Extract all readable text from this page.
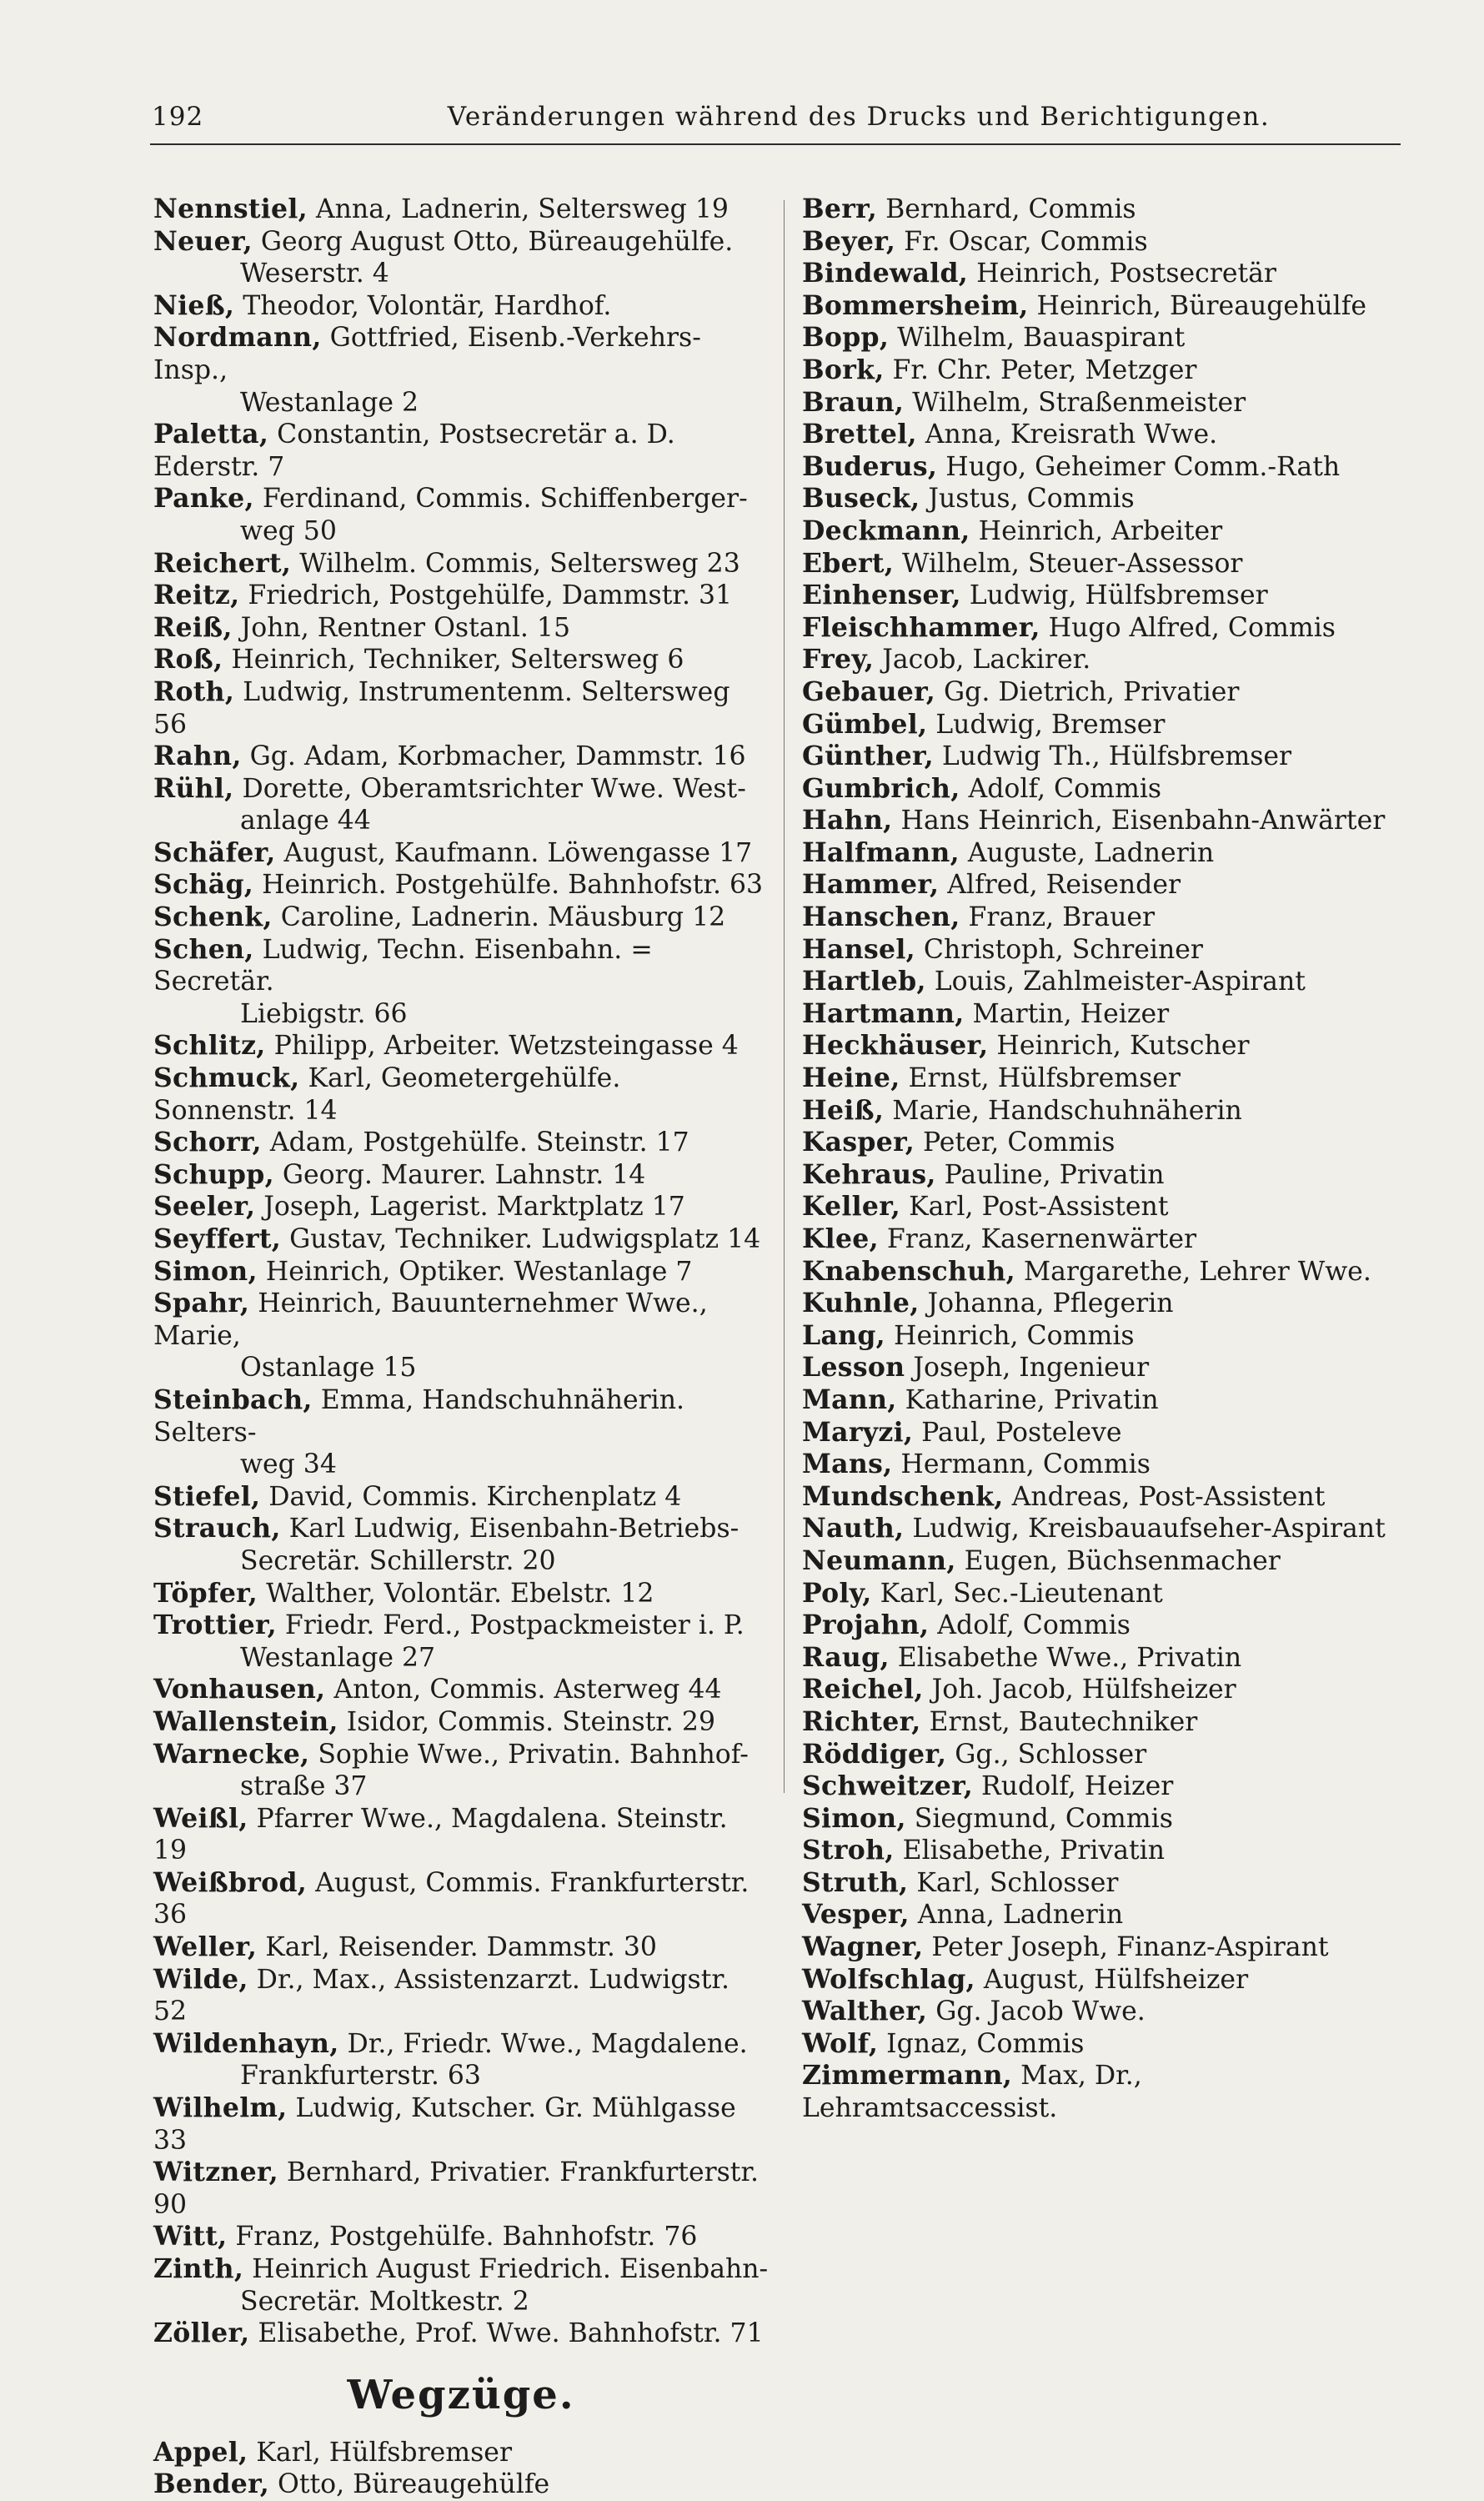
192	Veränderungen während des Drucks und Berichtigungen.
Nennstiel, Anna, Ladnerin, Seltersweg 19
Neuer, Georg August Otto, Büreaugehülfe.
Weserstr. 4
Nieß, Theodor, Volontär, Hardhof.
Nordmann, Gottfried, Eisenb.-Verkehrs-Insp.,
Westanlage 2
Paletta, Constantin, Postsecretär a. D. Ederstr. 7
Panke, Ferdinand, Commis. Schiffenberger-
weg 50
Reichert, Wilhelm. Commis, Seltersweg 23
Reitz, Friedrich, Postgehülfe, Dammstr. 31
Reiß, John, Rentner Ostanl. 15
Roß, Heinrich, Techniker, Seltersweg 6
Roth, Ludwig, Instrumentenm. Seltersweg 56
Rahn, Gg. Adam, Korbmacher, Dammstr. 16
Rühl, Dorette, Oberamtsrichter Wwe. West-
anlage 44
Schäfer, August, Kaufmann. Löwengasse 17
Schäg, Heinrich. Postgehülfe. Bahnhofstr. 63
Schenk, Caroline, Ladnerin. Mäusburg 12
Schen, Ludwig, Techn. Eisenbahn. = Secretär.
Liebigstr. 66
Schlitz, Philipp, Arbeiter. Wetzsteingasse 4
Schmuck, Karl, Geometergehülfe. Sonnenstr. 14
Schorr, Adam, Postgehülfe. Steinstr. 17
Schupp, Georg. Maurer. Lahnstr. 14
Seeler, Joseph, Lagerist. Marktplatz 17
Seyffert, Gustav, Techniker. Ludwigsplatz 14
Simon, Heinrich, Optiker. Westanlage 7
Spahr, Heinrich, Bauunternehmer Wwe., Marie,
Ostanlage 15
Steinbach, Emma, Handschuhnäherin. Selters-
weg 34
Stiefel, David, Commis. Kirchenplatz 4
Strauch, Karl Ludwig, Eisenbahn-Betriebs-
Secretär. Schillerstr. 20
Töpfer, Walther, Volontär. Ebelstr. 12
Trottier, Friedr. Ferd., Postpackmeister i. P.
Westanlage 27
Vonhausen, Anton, Commis. Asterweg 44
Wallenstein, Isidor, Commis. Steinstr. 29
Warnecke, Sophie Wwe., Privatin. Bahnhof-
straße 37
Weißl, Pfarrer Wwe., Magdalena. Steinstr. 19
Weißbrod, August, Commis. Frankfurterstr. 36
Weller, Karl, Reisender. Dammstr. 30
Wilde, Dr., Max., Assistenzarzt. Ludwigstr. 52
Wildenhayn, Dr., Friedr. Wwe., Magdalene.
Frankfurterstr. 63
Wilhelm, Ludwig, Kutscher. Gr. Mühlgasse 33
Witzner, Bernhard, Privatier. Frankfurterstr. 90
Witt, Franz, Postgehülfe. Bahnhofstr. 76
Zinth, Heinrich August Friedrich. Eisenbahn-
Secretär. Moltkestr. 2
Zöller, Elisabethe, Prof. Wwe. Bahnhofstr. 71
Wegzüge.
Appel, Karl, Hülfsbremser
Bender, Otto, Büreaugehülfe
Berr, Bernhard, Commis
Beyer, Fr. Oscar, Commis
Bindewald, Heinrich, Postsecretär
Bommersheim, Heinrich, Büreaugehülfe
Bopp, Wilhelm, Bauaspirant
Bork, Fr. Chr. Peter, Metzger
Braun, Wilhelm, Straßenmeister
Brettel, Anna, Kreisrath Wwe.
Buderus, Hugo, Geheimer Comm.-Rath
Buseck, Justus, Commis
Deckmann, Heinrich, Arbeiter
Ebert, Wilhelm, Steuer-Assessor
Einhenser, Ludwig, Hülfsbremser
Fleischhammer, Hugo Alfred, Commis
Frey, Jacob, Lackirer.
Gebauer, Gg. Dietrich, Privatier
Gümbel, Ludwig, Bremser
Günther, Ludwig Th., Hülfsbremser
Gumbrich, Adolf, Commis
Hahn, Hans Heinrich, Eisenbahn-Anwärter
Halfmann, Auguste, Ladnerin
Hammer, Alfred, Reisender
Hanschen, Franz, Brauer
Hansel, Christoph, Schreiner
Hartleb, Louis, Zahlmeister-Aspirant
Hartmann, Martin, Heizer
Heckhäuser, Heinrich, Kutscher
Heine, Ernst, Hülfsbremser
Heiß, Marie, Handschuhnäherin
Kasper, Peter, Commis
Kehraus, Pauline, Privatin
Keller, Karl, Post-Assistent
Klee, Franz, Kasernenwärter
Knabenschuh, Margarethe, Lehrer Wwe.
Kuhnle, Johanna, Pflegerin
Lang, Heinrich, Commis
Lesson Joseph, Ingenieur
Mann, Katharine, Privatin
Maryzi, Paul, Posteleve
Mans, Hermann, Commis
Mundschenk, Andreas, Post-Assistent
Nauth, Ludwig, Kreisbauaufseher-Aspirant
Neumann, Eugen, Büchsenmacher
Poly, Karl, Sec.-Lieutenant
Projahn, Adolf, Commis
Raug, Elisabethe Wwe., Privatin
Reichel, Joh. Jacob, Hülfsheizer
Richter, Ernst, Bautechniker
Röddiger, Gg., Schlosser
Schweitzer, Rudolf, Heizer
Simon, Siegmund, Commis
Stroh, Elisabethe, Privatin
Struth, Karl, Schlosser
Vesper, Anna, Ladnerin
Wagner, Peter Joseph, Finanz-Aspirant
Wolfschlag, August, Hülfsheizer
Walther, Gg. Jacob Wwe.
Wolf, Ignaz, Commis
Zimmermann, Max, Dr., Lehramtsaccessist.
